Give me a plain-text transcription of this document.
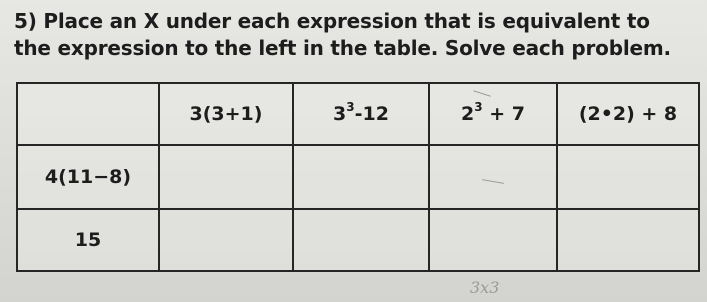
5) Place an X under each expression that is equivalent to
the expression to the left in the table. Solve each problem.
	3(3+1)	$3^3-12$	$2^3 + 7$	(2•2) + 8
4(11−8)				
15				
3x3
